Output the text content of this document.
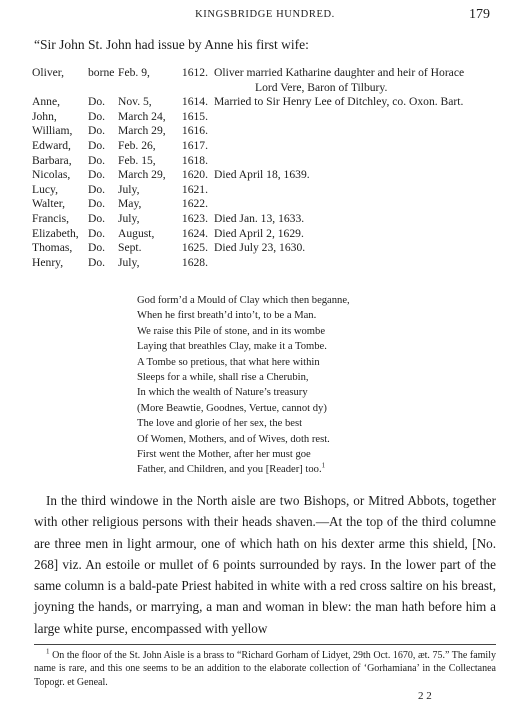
KINGSBRIDGE HUNDRED.	179
“Sir John St. John had issue by Anne his first wife:
Oliver, borne Feb. 9,	1612. Oliver married Katharine daughter and heir of Horace
Lord Vere, Baron of Tilbury.
Anne, Do. Nov. 5,	1614. Married to Sir Henry Lee of Ditchley, co. Oxon. Bart.
John,	Do. March 24,	1615.
William, Do. March 29,	1616.
Edward, Do. Feb. 26,	1617.
Barbara, Do. Feb. 15,	1618.
Nicolas, Do. March 29,	1620. Died April 18, 1639.
Lucy,	Do. July,	1621.
Walter, Do. May,	1622.
Francis, Do. July,	1623. Died Jan. 13, 1633.
Elizabeth, Do. August,	1624. Died April 2, 1629.
Thomas, Do. Sept.	1625. Died July 23, 1630.
Henry, Do. July,	1628.
God form’d a Mould of Clay which then beganne,
When he first breath’d into’t, to be a Man.
We raise this Pile of stone, and in its wombe
Laying that breathles Clay, make it a Tombe.
A Tombe so pretious, that what here within
Sleeps for a while, shall rise a Cherubin,
In which the wealth of Nature’s treasury
(More Beawtie, Goodnes, Vertue, cannot dy)
The love and glorie of her sex, the best
Of Women, Mothers, and of Wives, doth rest.
First went the Mother, after her must goe
Father, and Children, and you [Reader] too.$^1$

In the third windowe in the North aisle are two Bishops, or Mitred Abbots, together with other religious persons with their heads shaven.—At the top of the third columne are three men in light armour, one of which hath on his dexter arme this shield, [No. 268] viz. An estoile or mullet of 6 points surrounded by rays. In the lower part of the same column is a bald-pate Priest habited in white with a red cross saltire on his breast, joyning the hands, or marrying, a man and woman in blew: the man hath before him a large white purse, encompassed with yellow

$^1$ On the floor of the St. John Aisle is a brass to “Richard Gorham of Lidyet, 29th Oct. 1670, æt. 75.” The family name is rare, and this one seems to be an addition to the elaborate collection of ‘Gorhamiana’ in the Collectanea Topogr. et Geneal.

2 2
